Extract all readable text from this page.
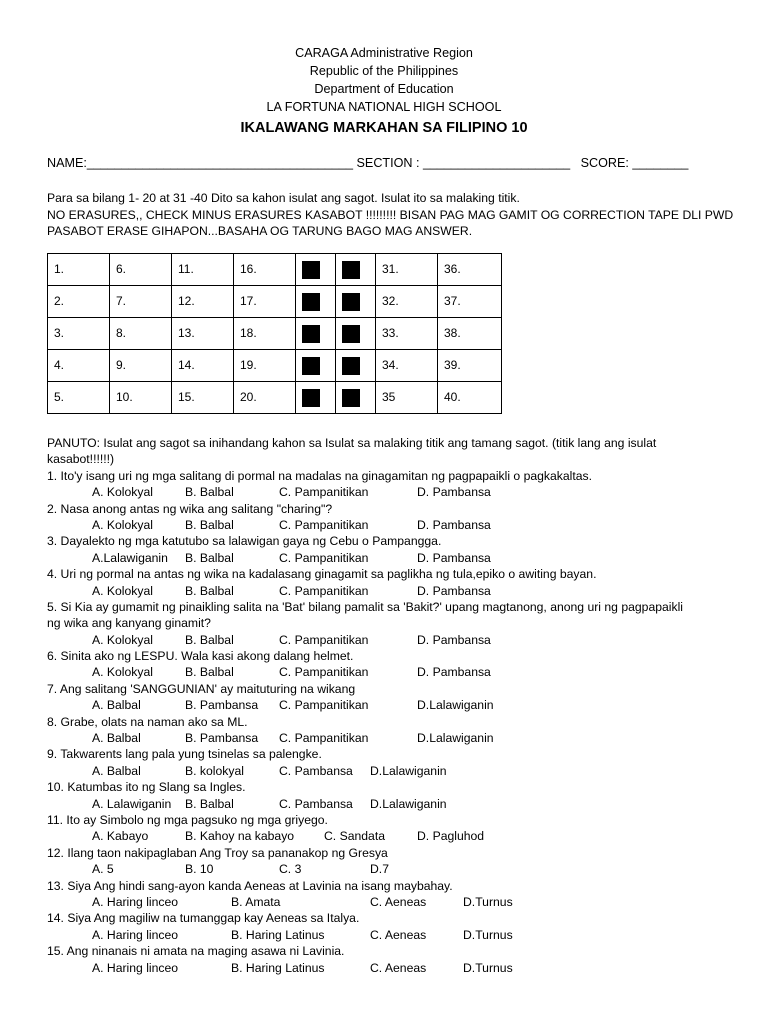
CARAGA Administrative Region
Republic of the Philippines
Department of Education
LA FORTUNA NATIONAL HIGH SCHOOL
IKALAWANG MARKAHAN SA FILIPINO 10
NAME:______________________________________ SECTION : _____________________   SCORE: ________
Para sa bilang 1- 20 at 31 -40 Dito sa kahon isulat ang sagot. Isulat ito sa malaking titik.
NO ERASURES,, CHECK MINUS ERASURES KASABOT !!!!!!!!! BISAN PAG MAG GAMIT OG CORRECTION TAPE DLI PWD
PASABOT ERASE GIHAPON...BASAHA OG TARUNG BAGO MAG ANSWER.
1.	6.	11.	16.			31.	36.
2.	7.	12.	17.			32.	37.
3.	8.	13.	18.			33.	38.
4.	9.	14.	19.			34.	39.
5.	10.	15.	20.			35	40.
PANUTO: Isulat ang sagot sa inihandang kahon sa Isulat sa malaking titik ang tamang sagot. (titik lang ang isulat
kasabot!!!!!!)
1. Ito'y isang uri ng mga salitang di pormal na madalas na ginagamitan ng pagpapaikli o pagkakaltas.
A. Kolokyal	B. Balbal	C. Pampanitikan	D. Pambansa
2. Nasa anong antas ng wika ang salitang "charing"?
A. Kolokyal	B. Balbal	C. Pampanitikan	D. Pambansa
3. Dayalekto ng mga katutubo sa lalawigan gaya ng Cebu o Pampangga.
A.Lalawiganin B. Balbal	C. Pampanitikan	D. Pambansa
4. Uri ng pormal na antas ng wika na kadalasang ginagamit sa paglikha ng tula,epiko o awiting bayan.
A. Kolokyal	B. Balbal	C. Pampanitikan	D. Pambansa
5. Si Kia ay gumamit ng pinaikling salita na 'Bat' bilang pamalit sa 'Bakit?' upang magtanong, anong uri ng pagpapaikli
ng wika ang kanyang ginamit?
A. Kolokyal	B. Balbal	C. Pampanitikan	D. Pambansa
6. Sinita ako ng LESPU. Wala kasi akong dalang helmet.
A. Kolokyal	B. Balbal	C. Pampanitikan	D. Pambansa
7. Ang salitang 'SANGGUNIAN' ay maituturing na wikang
A. Balbal	B. Pambansa C. Pampanitikan	D.Lalawiganin
8. Grabe, olats na naman ako sa ML.
A. Balbal	B. Pambansa C. Pampanitikan	D.Lalawiganin
9. Takwarents lang pala yung tsinelas sa palengke.
A. Balbal	B. kolokyal	C. Pambansa D.Lalawiganin
10. Katumbas ito ng Slang sa Ingles.
A. Lalawiganin B. Balbal	C. Pambansa D.Lalawiganin
11. Ito ay Simbolo ng mga pagsuko ng mga griyego.
A. Kabayo	B. Kahoy na kabayo C. Sandata	D. Pagluhod
12. Ilang taon nakipaglaban Ang Troy sa pananakop ng Gresya
A. 5	B. 10	C. 3	D.7
13. Siya Ang hindi sang-ayon kanda Aeneas at Lavinia na isang maybahay.
A. Haring linceo	B. Amata	C. Aeneas	D.Turnus
14. Siya Ang magiliw na tumanggap kay Aeneas sa Italya.
A. Haring linceo	B. Haring Latinus	C. Aeneas	D.Turnus
15. Ang ninanais ni amata na maging asawa ni Lavinia.
A. Haring linceo	B. Haring Latinus	C. Aeneas	D.Turnus
